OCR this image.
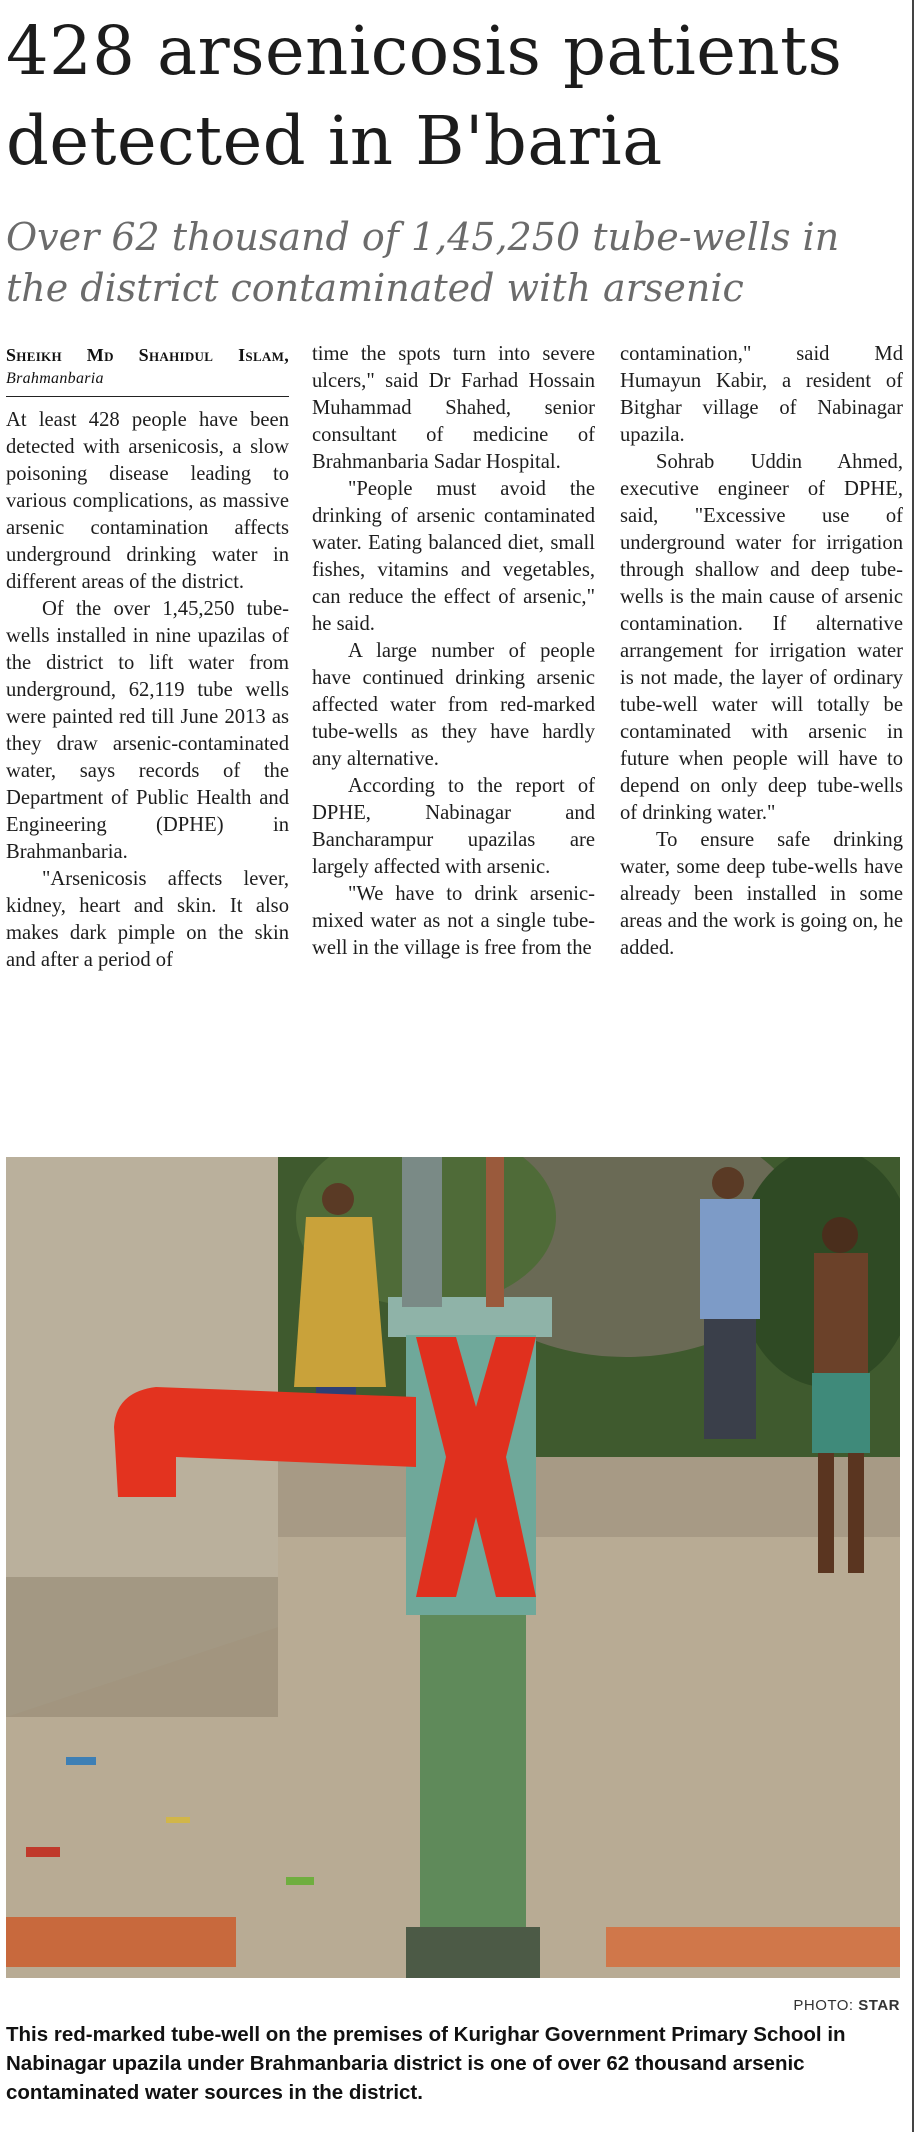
428 arsenicosis patients detected in B'baria
Over 62 thousand of 1,45,250 tube-wells in the district contaminated with arsenic
Sheikh Md Shahidul Islam, Brahmanbaria

At least 428 people have been detected with arsenicosis, a slow poisoning disease leading to various complications, as massive arsenic contamination affects underground drinking water in different areas of the district.

Of the over 1,45,250 tube-wells installed in nine upazilas of the district to lift water from underground, 62,119 tube wells were painted red till June 2013 as they draw arsenic-contaminated water, says records of the Department of Public Health and Engineering (DPHE) in Brahmanbaria.

"Arsenicosis affects lever, kidney, heart and skin. It also makes dark pimple on the skin and after a period of

time the spots turn into severe ulcers," said Dr Farhad Hossain Muhammad Shahed, senior consultant of medicine of Brahmanbaria Sadar Hospital.

"People must avoid the drinking of arsenic contaminated water. Eating balanced diet, small fishes, vitamins and vegetables, can reduce the effect of arsenic," he said.

A large number of people have continued drinking arsenic affected water from red-marked tube-wells as they have hardly any alternative.

According to the report of DPHE, Nabinagar and Bancharampur upazilas are largely affected with arsenic.

"We have to drink arsenic-mixed water as not a single tube-well in the village is free from the

contamination," said Md Humayun Kabir, a resident of Bitghar village of Nabinagar upazila.

Sohrab Uddin Ahmed, executive engineer of DPHE, said, "Excessive use of underground water for irrigation through shallow and deep tube-wells is the main cause of arsenic contamination. If alternative arrangement for irrigation water is not made, the layer of ordinary tube-well water will totally be contaminated with arsenic in future when people will have to depend on only deep tube-wells of drinking water."

To ensure safe drinking water, some deep tube-wells have already been installed in some areas and the work is going on, he added.

PHOTO: STAR

This red-marked tube-well on the premises of Kurighar Government Primary School in Nabinagar upazila under Brahmanbaria district is one of over 62 thousand arsenic contaminated water sources in the district.
